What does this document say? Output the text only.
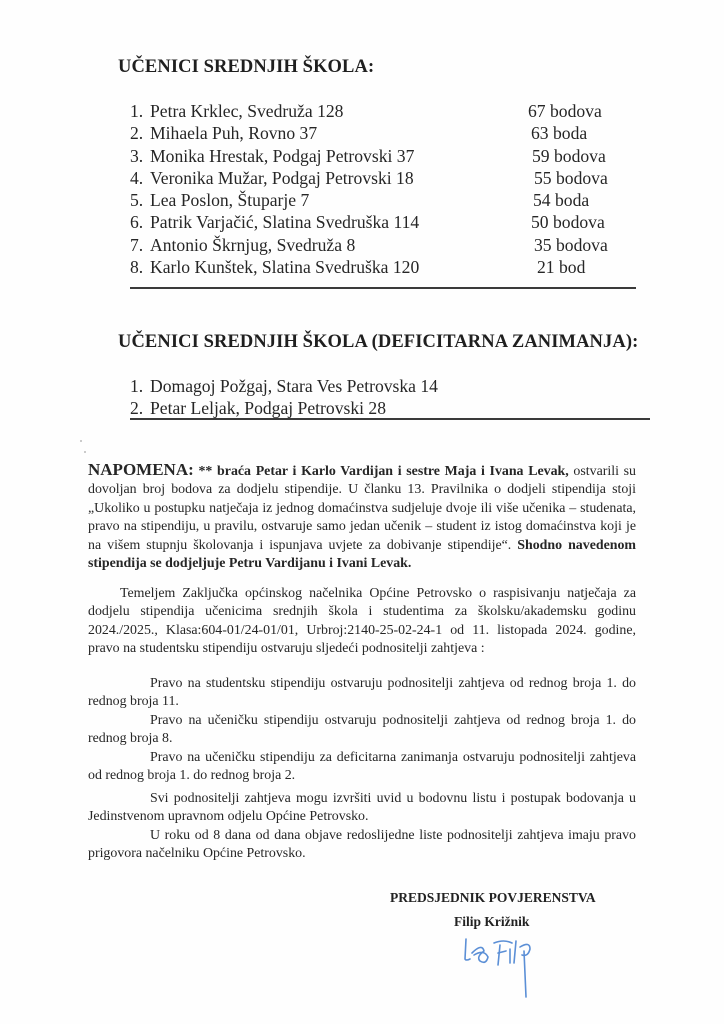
UČENICI SREDNJIH ŠKOLA:
1. Petra Krklec, Svedruža 128	67 bodova
2. Mihaela Puh, Rovno 37	63 boda
3. Monika Hrestak, Podgaj Petrovski 37	59 bodova
4. Veronika Mužar, Podgaj Petrovski 18	55 bodova
5. Lea Poslon, Štuparje 7	54 boda
6. Patrik Varjačić, Slatina Svedruška 114	50 bodova
7. Antonio Škrnjug, Svedruža 8	35 bodova
8. Karlo Kunštek, Slatina Svedruška 120	21 bod
UČENICI SREDNJIH ŠKOLA (DEFICITARNA ZANIMANJA):
1. Domagoj Požgaj, Stara Ves Petrovska 14
2. Petar Leljak, Podgaj Petrovski 28
NAPOMENA: ** braća Petar i Karlo Vardijan i sestre Maja i Ivana Levak, ostvarili su dovoljan broj bodova za dodjelu stipendije. U članku 13. Pravilnika o dodjeli stipendija stoji „Ukoliko u postupku natječaja iz jednog domaćinstva sudjeluje dvoje ili više učenika – studenata, pravo na stipendiju, u pravilu, ostvaruje samo jedan učenik – student iz istog domaćinstva koji je na višem stupnju školovanja i ispunjava uvjete za dobivanje stipendije“. Shodno navedenom stipendija se dodjeljuje Petru Vardijanu i Ivani Levak.
Temeljem Zaključka općinskog načelnika Općine Petrovsko o raspisivanju natječaja za dodjelu stipendija učenicima srednjih škola i studentima za školsku/akademsku godinu 2024./2025., Klasa:604-01/24-01/01, Urbroj:2140-25-02-24-1 od 11. listopada 2024. godine, pravo na studentsku stipendiju ostvaruju sljedeći podnositelji zahtjeva :
Pravo na studentsku stipendiju ostvaruju podnositelji zahtjeva od rednog broja 1. do rednog broja 11.
Pravo na učeničku stipendiju ostvaruju podnositelji zahtjeva od rednog broja 1. do rednog broja 8.
Pravo na učeničku stipendiju za deficitarna zanimanja ostvaruju podnositelji zahtjeva od rednog broja 1. do rednog broja 2.
Svi podnositelji zahtjeva mogu izvršiti uvid u bodovnu listu i postupak bodovanja u Jedinstvenom upravnom odjelu Općine Petrovsko.
U roku od 8 dana od dana objave redoslijedne liste podnositelji zahtjeva imaju pravo prigovora načelniku Općine Petrovsko.
PREDSJEDNIK POVJERENSTVA
Filip Križnik
